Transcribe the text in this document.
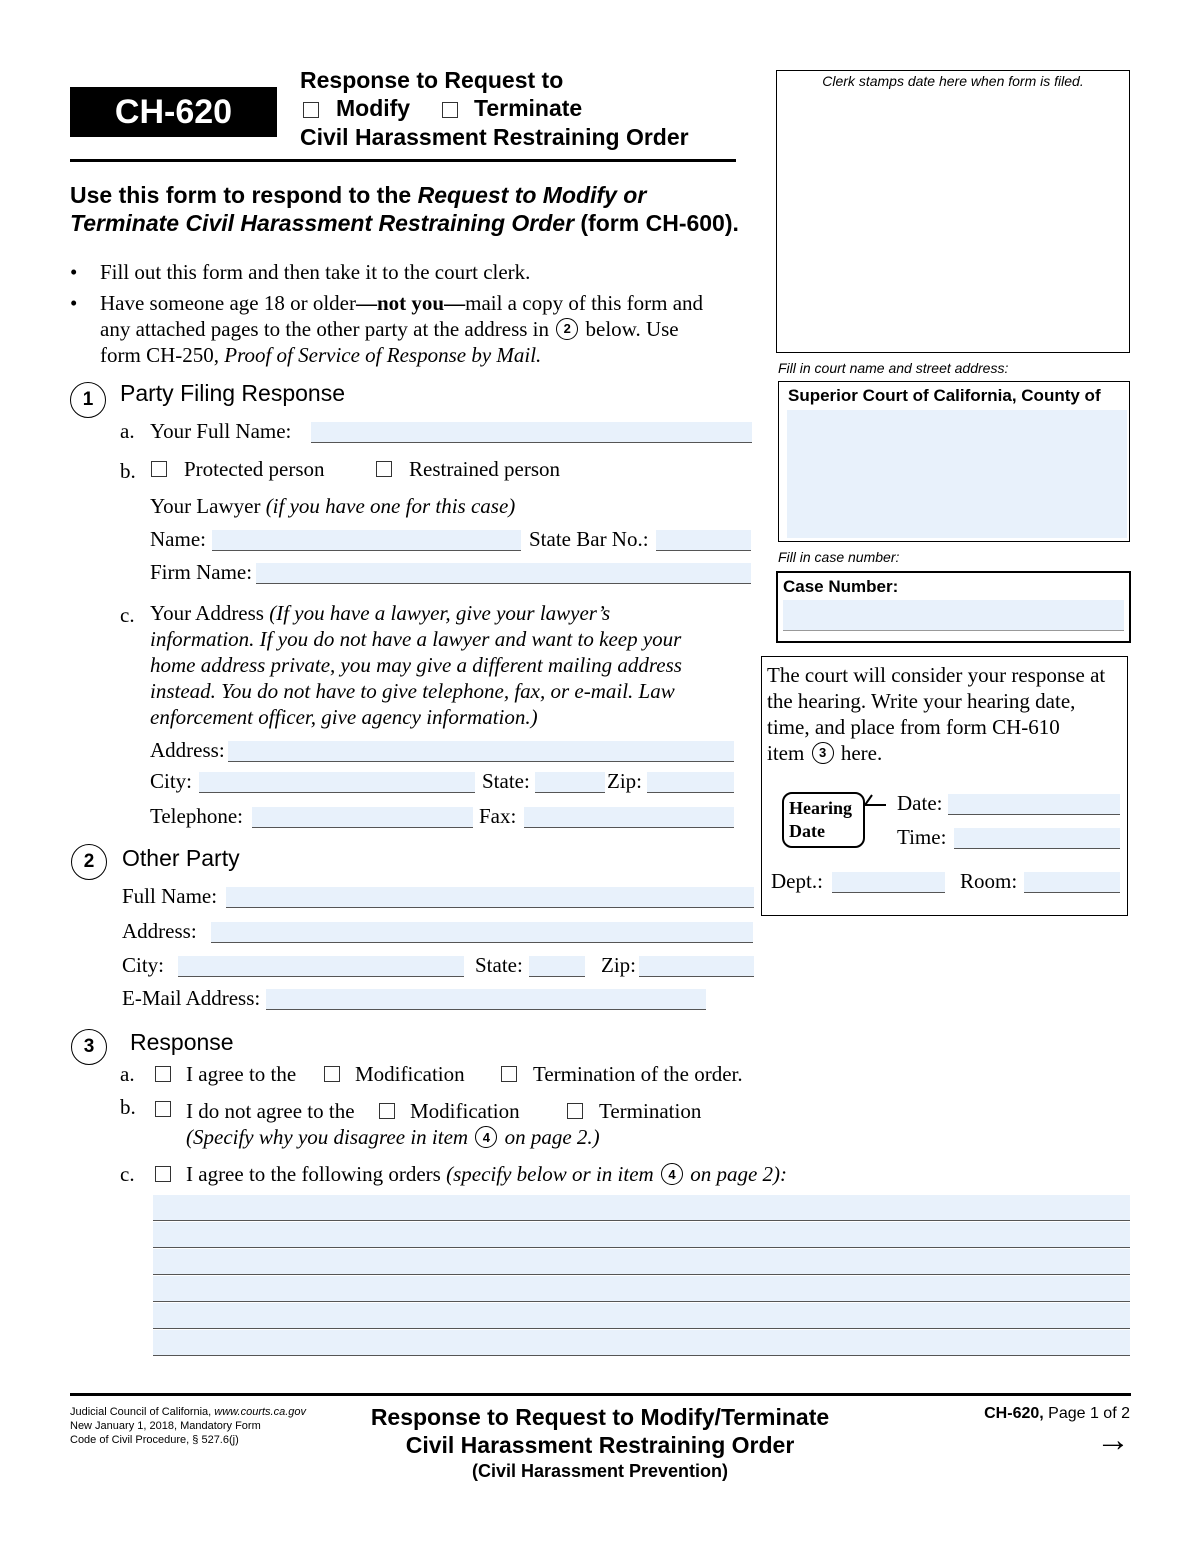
CH-620
Response to Request to
Modify	Terminate
Civil Harassment Restraining Order
Clerk stamps date here when form is filed.
Fill in court name and street address:
Superior Court of California, County of
Fill in case number:
Case Number:
Use this form to respond to the Request to Modify or
Terminate Civil Harassment Restraining Order (form CH-600).
• Fill out this form and then take it to the court clerk.
• Have someone age 18 or older—not you—mail a copy of this form and
any attached pages to the other party at the address in 2 below. Use
form CH-250, Proof of Service of Response by Mail.
1	Party Filing Response
a. Your Full Name:
b. Protected person	Restrained person
Your Lawyer (if you have one for this case)
Name:	State Bar No.:
Firm Name:
c. Your Address (If you have a lawyer, give your lawyer’s
information. If you do not have a lawyer and want to keep your
home address private, you may give a different mailing address
instead. You do not have to give telephone, fax, or e-mail. Law
enforcement officer, give agency information.)
Address:
City:	State:	Zip:
Telephone:	Fax:
The court will consider your response at
the hearing. Write your hearing date,
time, and place from form CH-610
item 3 here.
Hearing
Date
Date:
Time:
Dept.:	Room:
2	Other Party
Full Name:
Address:
City:	State:	Zip:
E-Mail Address:
3	Response
a. I agree to the	Modification	Termination of the order.
b. I do not agree to the	Modification	Termination
(Specify why you disagree in item 4 on page 2.)
c. I agree to the following orders (specify below or in item 4 on page 2):
Judicial Council of California, www.courts.ca.gov
New January 1, 2018, Mandatory Form
Code of Civil Procedure, § 527.6(j)
Response to Request to Modify/Terminate
Civil Harassment Restraining Order
(Civil Harassment Prevention)
CH-620, Page 1 of 2
→
